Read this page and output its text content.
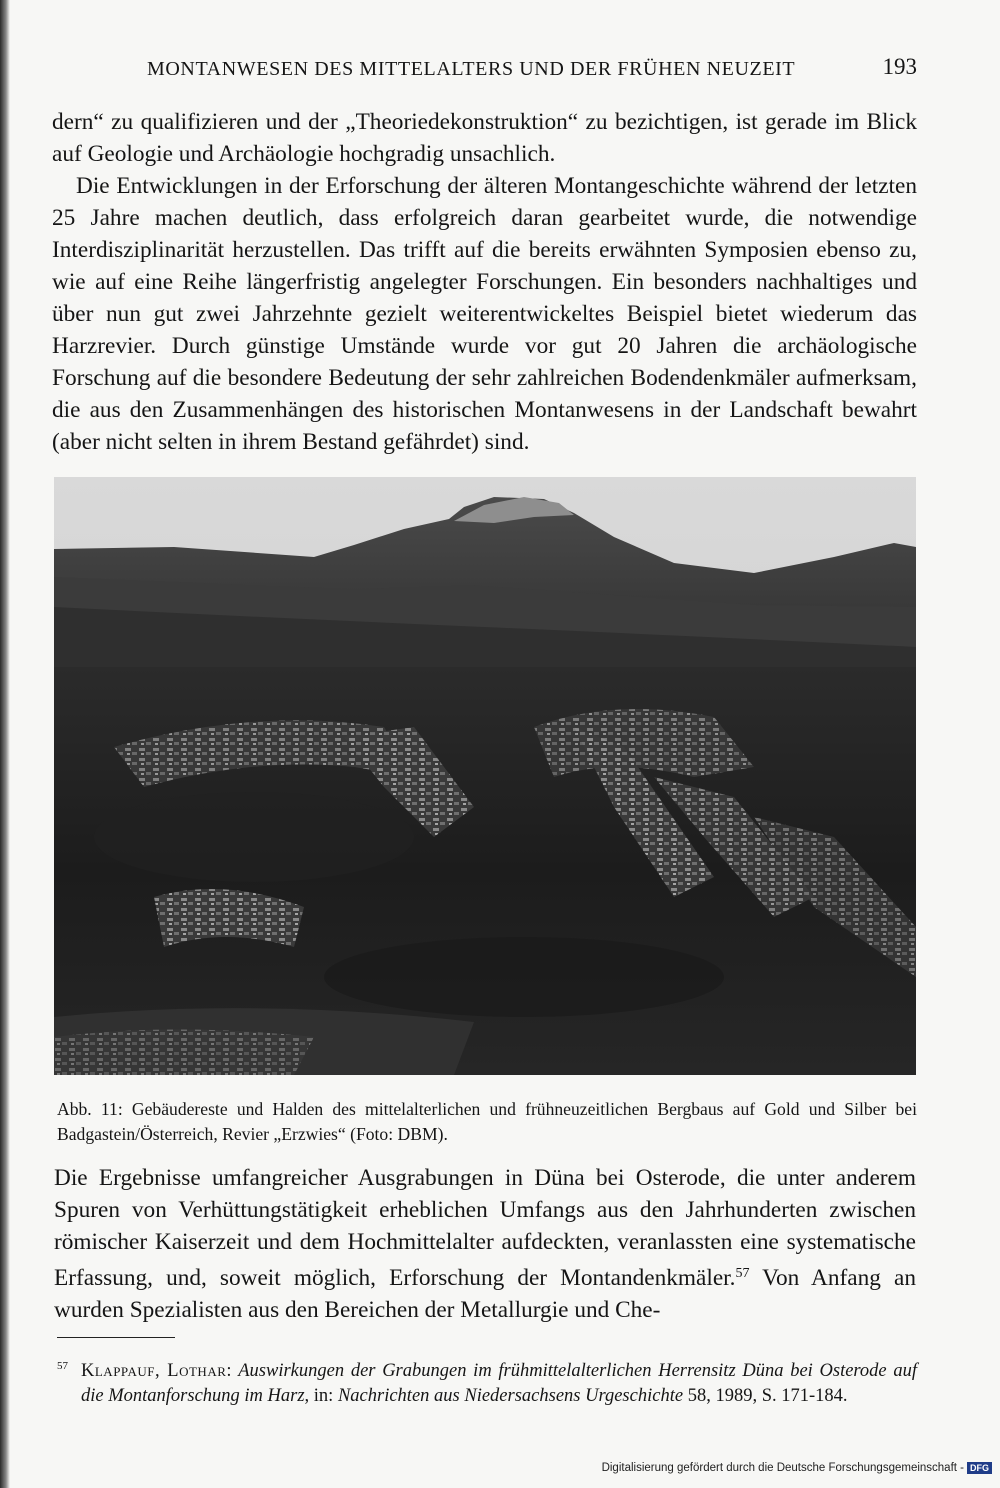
MONTANWESEN DES MITTELALTERS UND DER FRÜHEN NEUZEIT	193

dern“ zu qualifizieren und der „Theoriedekonstruktion“ zu bezichtigen, ist gerade im Blick auf Geologie und Archäologie hochgradig unsachlich.

Die Entwicklungen in der Erforschung der älteren Montangeschichte während der letzten 25 Jahre machen deutlich, dass erfolgreich daran gearbeitet wurde, die notwendige Interdisziplinarität herzustellen. Das trifft auf die bereits erwähnten Symposien ebenso zu, wie auf eine Reihe längerfristig angelegter Forschungen. Ein besonders nachhaltiges und über nun gut zwei Jahrzehnte gezielt weiterentwickeltes Beispiel bietet wiederum das Harzrevier. Durch günstige Umstände wurde vor gut 20 Jahren die archäologische Forschung auf die besondere Bedeutung der sehr zahlreichen Bodendenkmäler aufmerksam, die aus den Zusammenhängen des historischen Montanwesens in der Landschaft bewahrt (aber nicht selten in ihrem Bestand gefährdet) sind.

Abb. 11: Gebäudereste und Halden des mittelalterlichen und frühneuzeitlichen Bergbaus auf Gold und Silber bei Badgastein/Österreich, Revier „Erzwies“ (Foto: DBM).

Die Ergebnisse umfangreicher Ausgrabungen in Düna bei Osterode, die unter anderem Spuren von Verhüttungstätigkeit erheblichen Umfangs aus den Jahrhunderten zwischen römischer Kaiserzeit und dem Hochmittelalter aufdeckten, veranlassten eine systematische Erfassung, und, soweit möglich, Erforschung der Montandenkmäler.$^{57}$ Von Anfang an wurden Spezialisten aus den Bereichen der Metallurgie und Che-

57 Klappauf, Lothar: Auswirkungen der Grabungen im frühmittelalterlichen Herrensitz Düna bei Osterode auf die Montanforschung im Harz, in: Nachrichten aus Niedersachsens Urgeschichte 58, 1989, S. 171-184.

Digitalisierung gefördert durch die Deutsche Forschungsgemeinschaft - DFG
